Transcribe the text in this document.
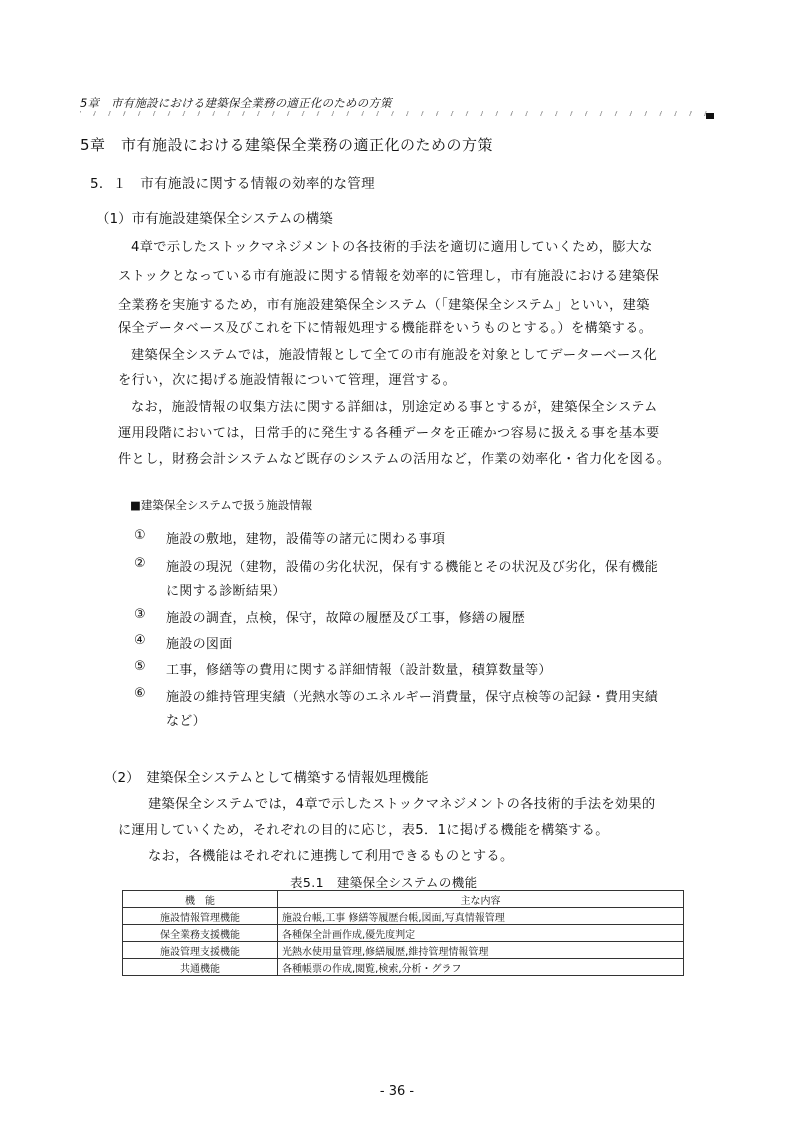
5章　市有施設における建築保全業務の適正化のための方策
5章　市有施設における建築保全業務の適正化のための方策
5．１　市有施設に関する情報の効率的な管理
（1）市有施設建築保全システムの構築
4章で示したストックマネジメントの各技術的手法を適切に適用していくため，膨大な
ストックとなっている市有施設に関する情報を効率的に管理し，市有施設における建築保
全業務を実施するため，市有施設建築保全システム（「建築保全システム」といい，建築
保全データベース及びこれを下に情報処理する機能群をいうものとする。）を構築する。
建築保全システムでは，施設情報として全ての市有施設を対象としてデーターベース化
を行い，次に掲げる施設情報について管理，運営する。
なお，施設情報の収集方法に関する詳細は，別途定める事とするが，建築保全システム
運用段階においては，日常手的に発生する各種データを正確かつ容易に扱える事を基本要
件とし，財務会計システムなど既存のシステムの活用など，作業の効率化・省力化を図る。
■建築保全システムで扱う施設情報
① 施設の敷地，建物，設備等の諸元に関わる事項
② 施設の現況（建物，設備の劣化状況，保有する機能とその状況及び劣化，保有機能
に関する診断結果）
③ 施設の調査，点検，保守，故障の履歴及び工事，修繕の履歴
④ 施設の図面
⑤ 工事，修繕等の費用に関する詳細情報（設計数量，積算数量等）
⑥ 施設の維持管理実績（光熱水等のエネルギー消費量，保守点検等の記録・費用実績
など）
（2）　建築保全システムとして構築する情報処理機能
建築保全システムでは，4章で示したストックマネジメントの各技術的手法を効果的
に運用していくため，それぞれの目的に応じ，表5．1に掲げる機能を構築する。
なお，各機能はそれぞれに連携して利用できるものとする。
表5.1　建築保全システムの機能
機　能	主な内容
施設情報管理機能	施設台帳,工事 修繕等履歴台帳,図面,写真情報管理
保全業務支援機能	各種保全計画作成,優先度判定
施設管理支援機能	光熱水使用量管理,修繕履歴,維持管理情報管理
共通機能	各種帳票の作成,閲覧,検索,分析・グラフ
- 36 -
